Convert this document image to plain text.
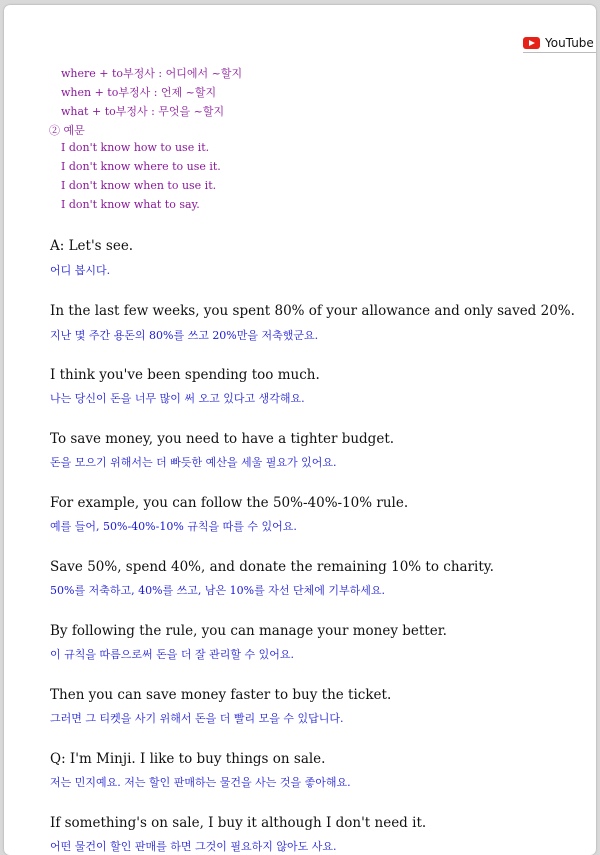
YouTube
where + to부정사 : 어디에서 ~할지
when + to부정사 : 언제 ~할지
what + to부정사 : 무엇을 ~할지
② 예문
I don't know how to use it.
I don't know where to use it.
I don't know when to use it.
I don't know what to say.
A: Let's see.
어디 봅시다.
In the last few weeks, you spent 80% of your allowance and only saved 20%.
지난 몇 주간 용돈의 80%를 쓰고 20%만을 저축했군요.
I think you've been spending too much.
나는 당신이 돈을 너무 많이 써 오고 있다고 생각해요.
To save money, you need to have a tighter budget.
돈을 모으기 위해서는 더 빠듯한 예산을 세울 필요가 있어요.
For example, you can follow the 50%-40%-10% rule.
예를 들어, 50%-40%-10% 규칙을 따를 수 있어요.
Save 50%, spend 40%, and donate the remaining 10% to charity.
50%를 저축하고, 40%를 쓰고, 남은 10%를 자선 단체에 기부하세요.
By following the rule, you can manage your money better.
이 규칙을 따름으로써 돈을 더 잘 관리할 수 있어요.
Then you can save money faster to buy the ticket.
그러면 그 티켓을 사기 위해서 돈을 더 빨리 모을 수 있답니다.
Q: I'm Minji. I like to buy things on sale.
저는 민지예요. 저는 할인 판매하는 물건을 사는 것을 좋아해요.
If something's on sale, I buy it although I don't need it.
어떤 물건이 할인 판매를 하면 그것이 필요하지 않아도 사요.
